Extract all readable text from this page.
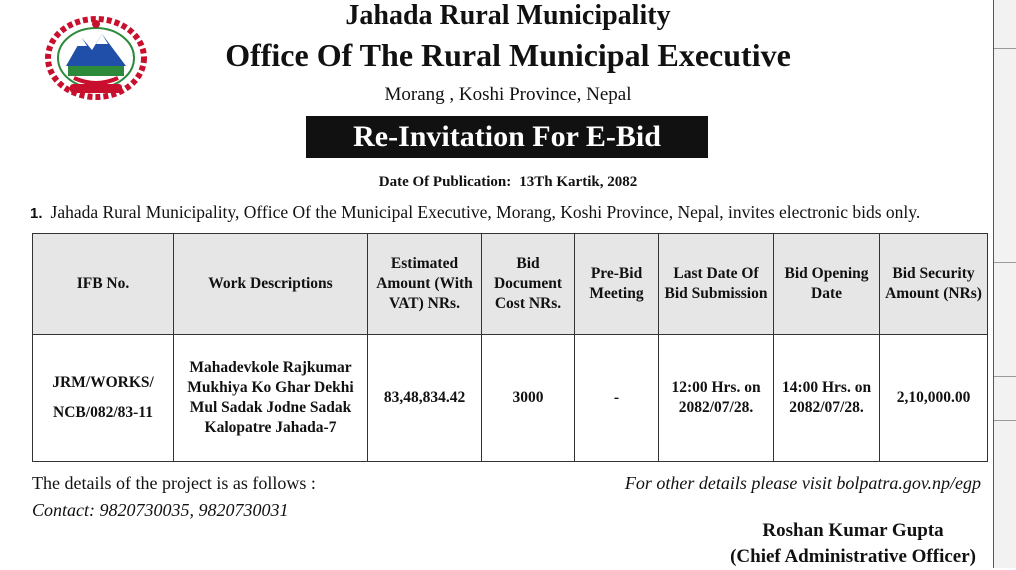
Jahada Rural Municipality
Office Of The Rural Municipal Executive
Morang , Koshi Province, Nepal
Re-Invitation For E-Bid
Date Of Publication: 13Th Kartik, 2082
1. Jahada Rural Municipality, Office Of the Municipal Executive, Morang, Koshi Province, Nepal, invites electronic bids only.
IFB No.	Work Descriptions	Estimated Amount (With VAT) NRs.	Bid Document Cost NRs.	Pre-Bid Meeting	Last Date Of Bid Submission	Bid Opening Date	Bid Security Amount (NRs)
JRM/WORKS/ NCB/082/83-11	Mahadevkole Rajkumar Mukhiya Ko Ghar Dekhi Mul Sadak Jodne Sadak Kalopatre Jahada-7	83,48,834.42	3000	-	12:00 Hrs. on 2082/07/28.	14:00 Hrs. on 2082/07/28.	2,10,000.00
The details of the project is as follows :
Contact: 9820730035, 9820730031
For other details please visit bolpatra.gov.np/egp
Roshan Kumar Gupta
(Chief Administrative Officer)
